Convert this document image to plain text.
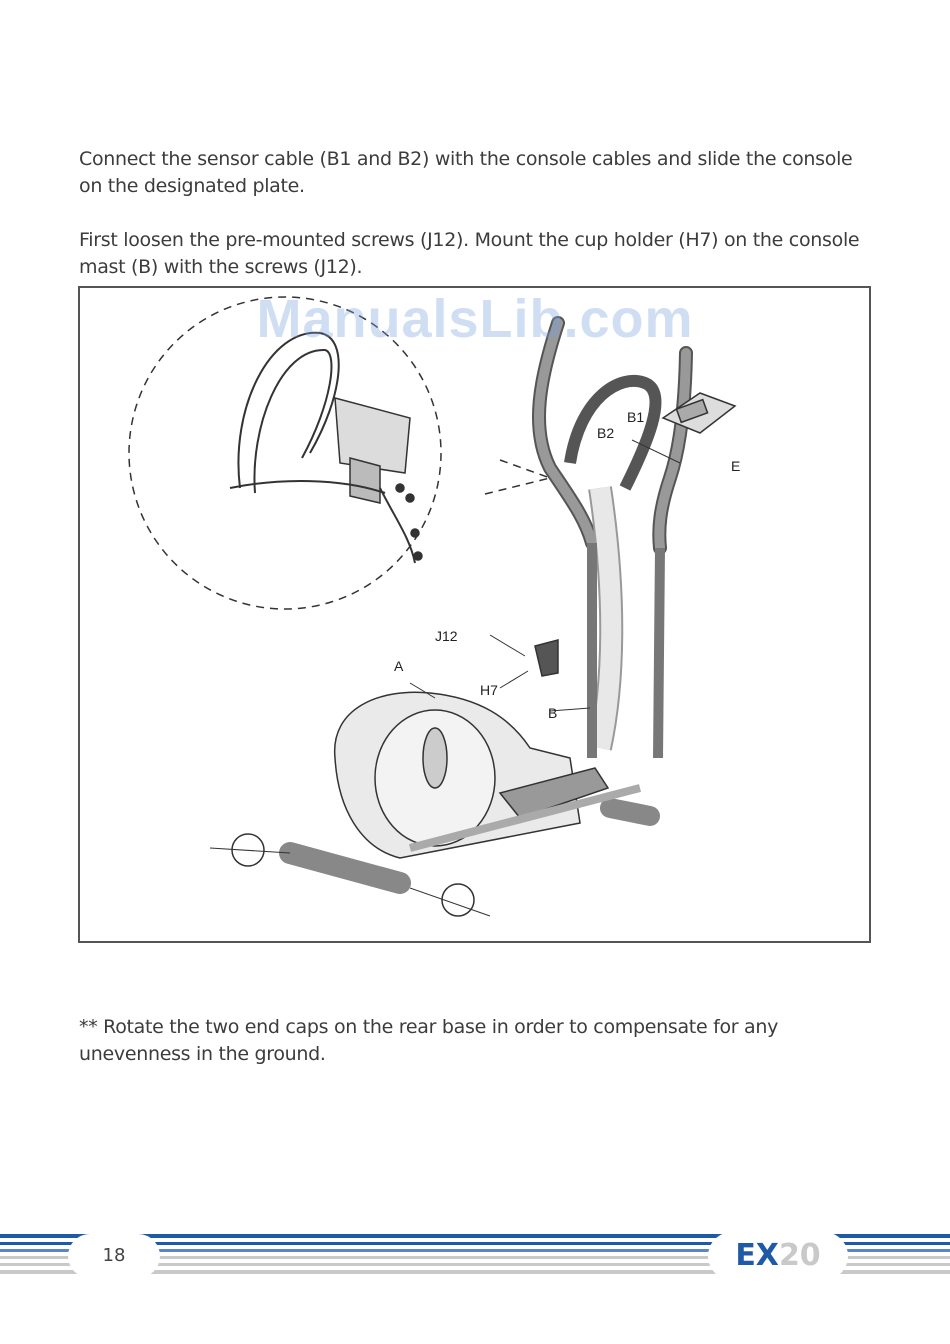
Connect the sensor cable (B1 and B2) with the console cables and slide the console on the designated plate.

First loosen the pre-mounted screws (J12). Mount the cup holder (H7) on the console mast (B) with the screws (J12).

B1
B2
E
J12
A
H7
B
ManualsLib.com

** Rotate the two end caps on the rear base in order to compensate for any unevenness in the ground.

18	EX20
